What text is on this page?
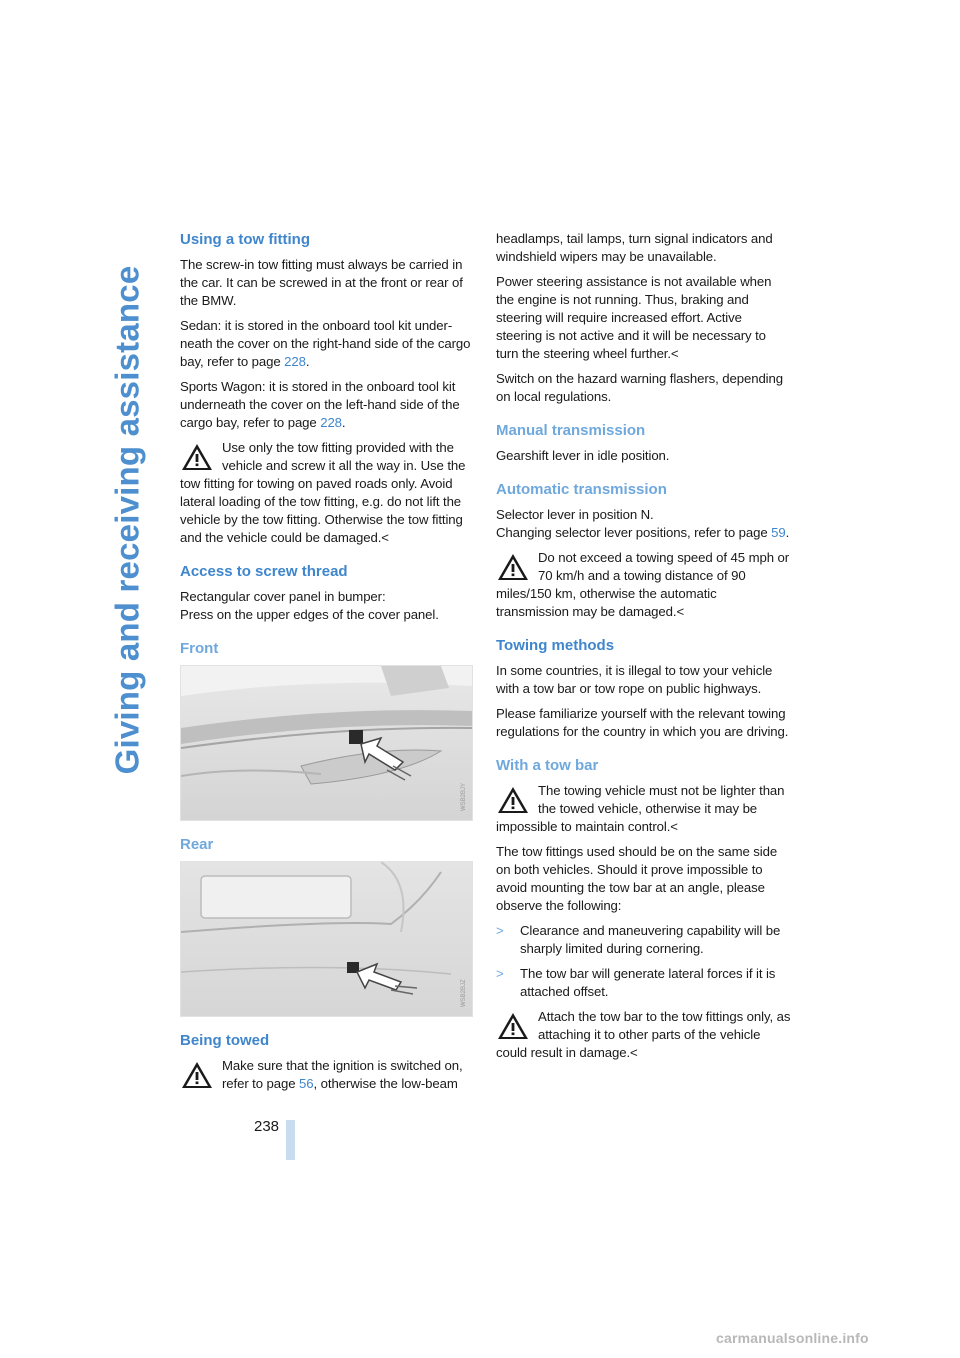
Giving and receiving assistance
Using a tow fitting

The screw-in tow fitting must always be carried in the car. It can be screwed in at the front or rear of the BMW.

Sedan: it is stored in the onboard tool kit underneath the cover on the right-hand side of the cargo bay, refer to page 228.

Sports Wagon: it is stored in the onboard tool kit underneath the cover on the left-hand side of the cargo bay, refer to page 228.

Use only the tow fitting provided with the vehicle and screw it all the way in. Use the tow fitting for towing on paved roads only. Avoid lateral loading of the tow fitting, e.g. do not lift the vehicle by the tow fitting. Otherwise the tow fitting and the vehicle could be damaged.<
Access to screw thread

Rectangular cover panel in bumper:
Press on the upper edges of the cover panel.

Front
WSB2BJY
Rear
WSB2BJZ
Being towed
Make sure that the ignition is switched on, refer to page 56, otherwise the low-beam

headlamps, tail lamps, turn signal indicators and windshield wipers may be unavailable.

Power steering assistance is not available when the engine is not running. Thus, braking and steering will require increased effort. Active steering is not active and it will be necessary to turn the steering wheel further.<

Switch on the hazard warning flashers, depending on local regulations.

Manual transmission

Gearshift lever in idle position.

Automatic transmission

Selector lever in position N.
Changing selector lever positions, refer to page 59.

Do not exceed a towing speed of 45 mph or 70 km/h and a towing distance of 90 miles/150 km, otherwise the automatic transmission may be damaged.<
Towing methods

In some countries, it is illegal to tow your vehicle with a tow bar or tow rope on public highways.

Please familiarize yourself with the relevant towing regulations for the country in which you are driving.

With a tow bar
The towing vehicle must not be lighter than the towed vehicle, otherwise it may be impossible to maintain control.<

The tow fittings used should be on the same side on both vehicles. Should it prove impossible to avoid mounting the tow bar at an angle, please observe the following:

> Clearance and maneuvering capability will be sharply limited during cornering.
> The tow bar will generate lateral forces if it is attached offset.
Attach the tow bar to the tow fittings only, as attaching it to other parts of the vehicle could result in damage.<
238
carmanualsonline.info
